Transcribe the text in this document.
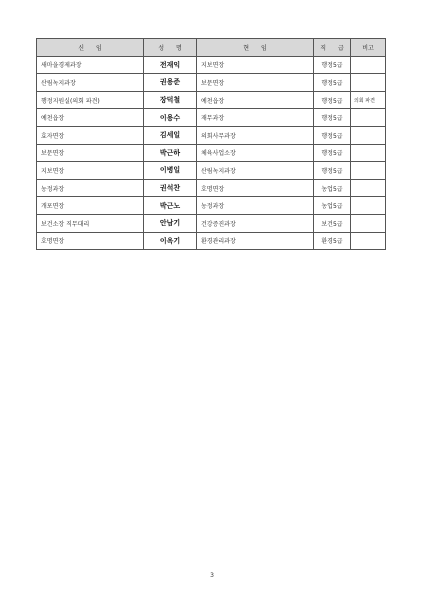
신 임	성 명	현 임	직 급	비고
새마을경제과장	전재익	지보면장	행정5급	
산림녹지과장	권용준	보문면장	행정5급	
행정지원실(의회 파견)	장덕철	예천읍장	행정5급	의회 파견
예천읍장	이용수	재무과장	행정5급	
효자면장	김세일	의회사무과장	행정5급	
보문면장	박근하	체육사업소장	행정5급	
지보면장	이병일	산림녹지과장	행정5급	
농정과장	권석찬	호명면장	농업5급	
개포면장	박근노	농정과장	농업5급	
보건소장 직무대리	안남기	건강증진과장	보건5급	
호명면장	이옥기	환경관리과장	환경5급	
3
